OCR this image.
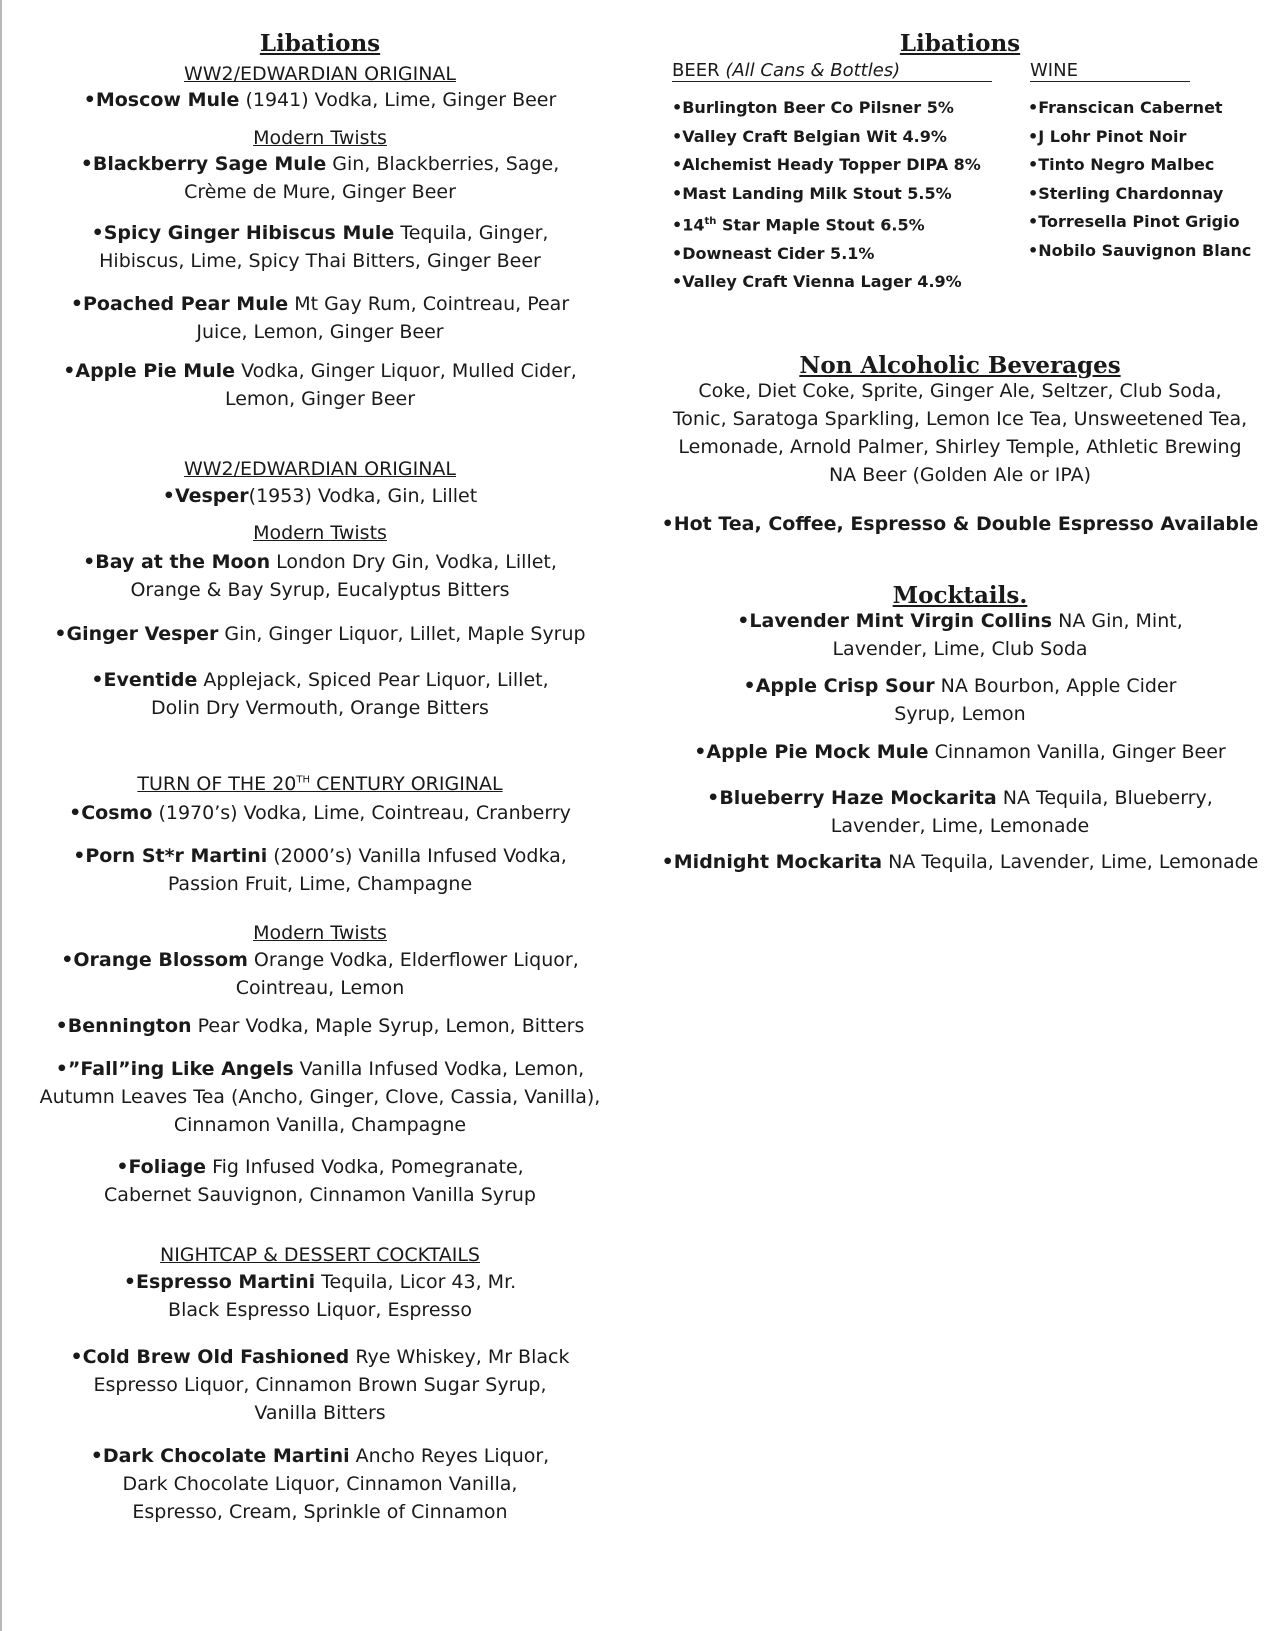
Libations
WW2/EDWARDIAN ORIGINAL
•Moscow Mule (1941) Vodka, Lime, Ginger Beer
Modern Twists
•Blackberry Sage Mule Gin, Blackberries, Sage, Crème de Mure, Ginger Beer
•Spicy Ginger Hibiscus Mule Tequila, Ginger, Hibiscus, Lime, Spicy Thai Bitters, Ginger Beer
•Poached Pear Mule Mt Gay Rum, Cointreau, Pear Juice, Lemon, Ginger Beer
•Apple Pie Mule Vodka, Ginger Liquor, Mulled Cider, Lemon, Ginger Beer
WW2/EDWARDIAN ORIGINAL
•Vesper(1953) Vodka, Gin, Lillet
Modern Twists
•Bay at the Moon London Dry Gin, Vodka, Lillet, Orange & Bay Syrup, Eucalyptus Bitters
•Ginger Vesper Gin, Ginger Liquor, Lillet, Maple Syrup
•Eventide Applejack, Spiced Pear Liquor, Lillet, Dolin Dry Vermouth, Orange Bitters
TURN OF THE 20TH CENTURY ORIGINAL
•Cosmo (1970’s) Vodka, Lime, Cointreau, Cranberry
•Porn St*r Martini (2000’s) Vanilla Infused Vodka, Passion Fruit, Lime, Champagne
Modern Twists
•Orange Blossom Orange Vodka, Elderflower Liquor, Cointreau, Lemon
•Bennington Pear Vodka, Maple Syrup, Lemon, Bitters
•”Fall”ing Like Angels Vanilla Infused Vodka, Lemon, Autumn Leaves Tea (Ancho, Ginger, Clove, Cassia, Vanilla), Cinnamon Vanilla, Champagne
•Foliage Fig Infused Vodka, Pomegranate, Cabernet Sauvignon, Cinnamon Vanilla Syrup
NIGHTCAP & DESSERT COCKTAILS
•Espresso Martini Tequila, Licor 43, Mr. Black Espresso Liquor, Espresso
•Cold Brew Old Fashioned Rye Whiskey, Mr Black Espresso Liquor, Cinnamon Brown Sugar Syrup, Vanilla Bitters
•Dark Chocolate Martini Ancho Reyes Liquor, Dark Chocolate Liquor, Cinnamon Vanilla, Espresso, Cream, Sprinkle of Cinnamon
Libations
BEER (All Cans & Bottles)	WINE
•Burlington Beer Co Pilsner 5%
•Valley Craft Belgian Wit 4.9%
•Alchemist Heady Topper DIPA 8%
•Mast Landing Milk Stout 5.5%
•14th Star Maple Stout 6.5%
•Downeast Cider 5.1%
•Valley Craft Vienna Lager 4.9%
•Franscican Cabernet
•J Lohr Pinot Noir
•Tinto Negro Malbec
•Sterling Chardonnay
•Torresella Pinot Grigio
•Nobilo Sauvignon Blanc
Non Alcoholic Beverages
Coke, Diet Coke, Sprite, Ginger Ale, Seltzer, Club Soda, Tonic, Saratoga Sparkling, Lemon Ice Tea, Unsweetened Tea, Lemonade, Arnold Palmer, Shirley Temple, Athletic Brewing NA Beer (Golden Ale or IPA)
•Hot Tea, Coffee, Espresso & Double Espresso Available
Mocktails.
•Lavender Mint Virgin Collins NA Gin, Mint, Lavender, Lime, Club Soda
•Apple Crisp Sour NA Bourbon, Apple Cider Syrup, Lemon
•Apple Pie Mock Mule Cinnamon Vanilla, Ginger Beer
•Blueberry Haze Mockarita NA Tequila, Blueberry, Lavender, Lime, Lemonade
•Midnight Mockarita NA Tequila, Lavender, Lime, Lemonade
